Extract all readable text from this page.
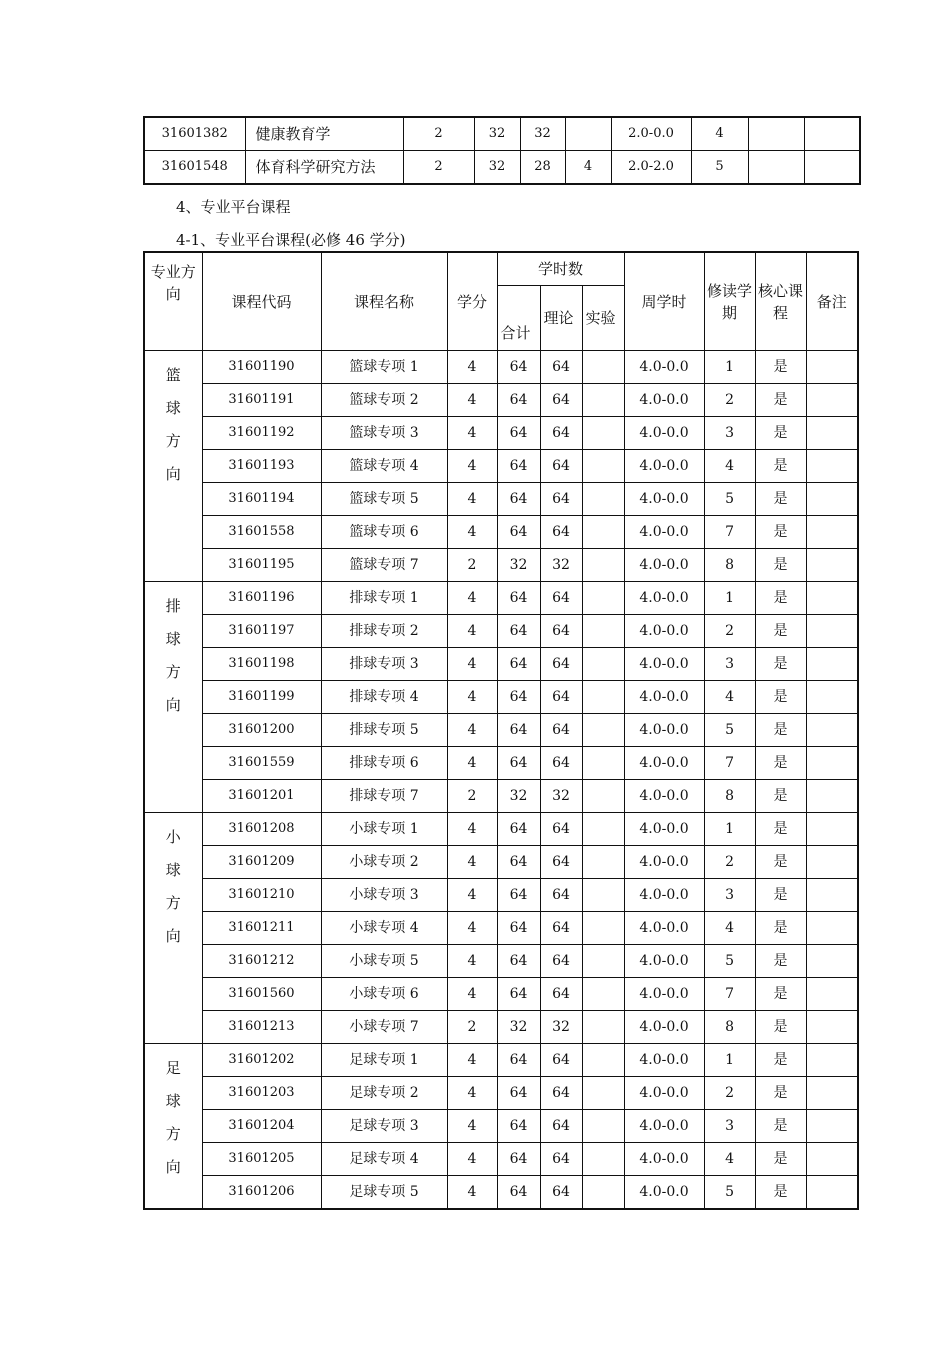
31601382	健康教育学	2	32	32		2.0-0.0	4		
31601548	体育科学研究方法	2	32	28	4	2.0-2.0	5		
4、专业平台课程
4-1、专业平台课程(必修 46 学分)
专业方向	课程代码	课程名称	学分	学时数			周学时	修读学期	核心课程	备注
				合计	理论	实验				

篮
球
方
向	31601190	篮球专项 1	4	64	64		4.0-0.0	1	是	
	31601191	篮球专项 2	4	64	64		4.0-0.0	2	是	
	31601192	篮球专项 3	4	64	64		4.0-0.0	3	是	
	31601193	篮球专项 4	4	64	64		4.0-0.0	4	是	
	31601194	篮球专项 5	4	64	64		4.0-0.0	5	是	
	31601558	篮球专项 6	4	64	64		4.0-0.0	7	是	
	31601195	篮球专项 7	2	32	32		4.0-0.0	8	是	

排
球
方
向	31601196	排球专项 1	4	64	64		4.0-0.0	1	是	
	31601197	排球专项 2	4	64	64		4.0-0.0	2	是	
	31601198	排球专项 3	4	64	64		4.0-0.0	3	是	
	31601199	排球专项 4	4	64	64		4.0-0.0	4	是	
	31601200	排球专项 5	4	64	64		4.0-0.0	5	是	
	31601559	排球专项 6	4	64	64		4.0-0.0	7	是	
	31601201	排球专项 7	2	32	32		4.0-0.0	8	是	

小
球
方
向	31601208	小球专项 1	4	64	64		4.0-0.0	1	是	
	31601209	小球专项 2	4	64	64		4.0-0.0	2	是	
	31601210	小球专项 3	4	64	64		4.0-0.0	3	是	
	31601211	小球专项 4	4	64	64		4.0-0.0	4	是	
	31601212	小球专项 5	4	64	64		4.0-0.0	5	是	
	31601560	小球专项 6	4	64	64		4.0-0.0	7	是	
	31601213	小球专项 7	2	32	32		4.0-0.0	8	是	

足
球
方
向	31601202	足球专项 1	4	64	64		4.0-0.0	1	是	
	31601203	足球专项 2	4	64	64		4.0-0.0	2	是	
	31601204	足球专项 3	4	64	64		4.0-0.0	3	是	
	31601205	足球专项 4	4	64	64		4.0-0.0	4	是	
	31601206	足球专项 5	4	64	64		4.0-0.0	5	是	
